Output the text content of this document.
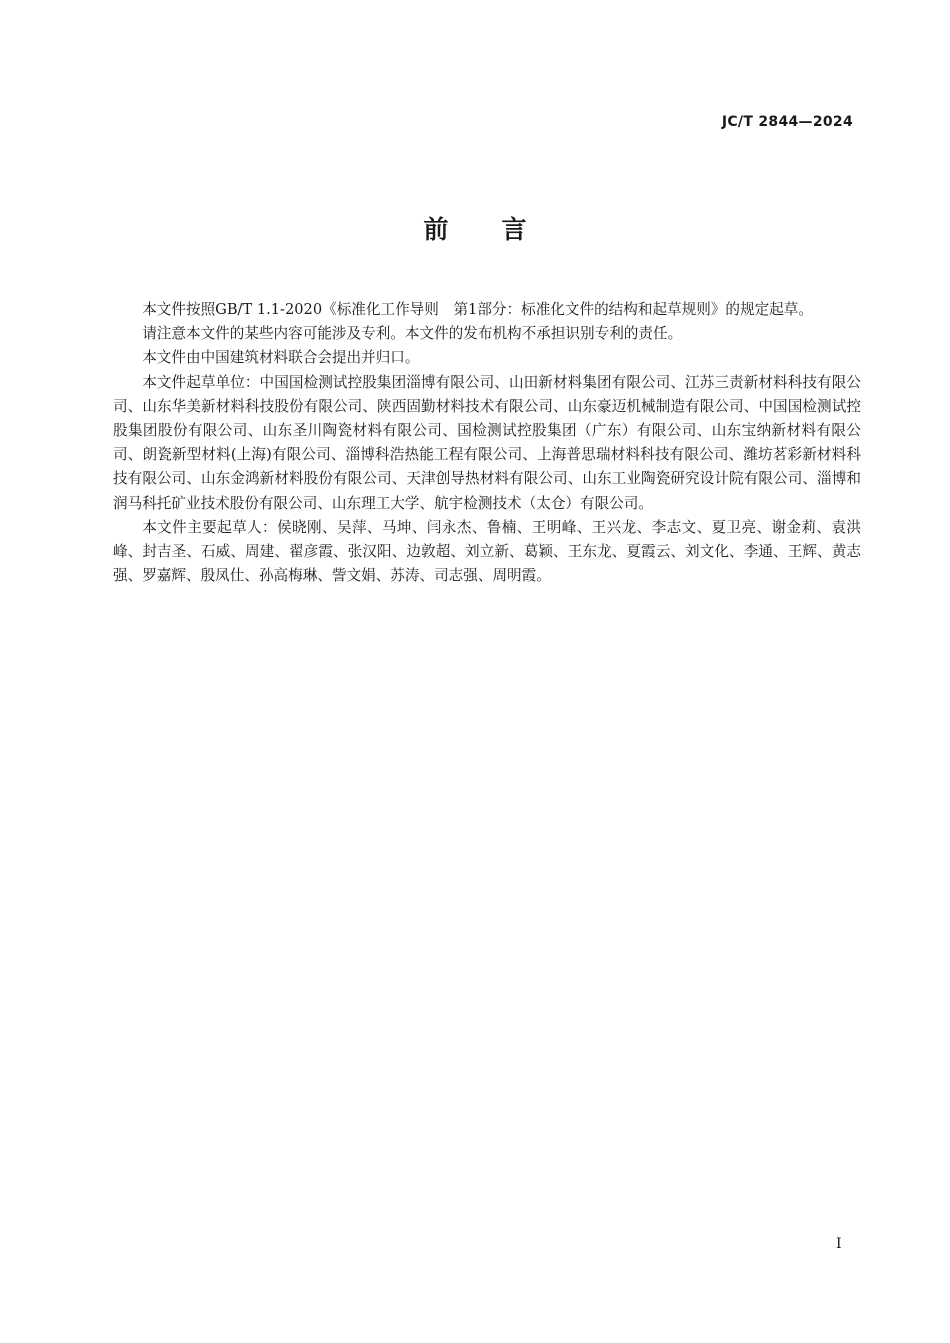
JC/T 2844—2024
前言

本文件按照GB/T 1.1-2020《标准化工作导则　第1部分：标准化文件的结构和起草规则》的规定起草。

请注意本文件的某些内容可能涉及专利。本文件的发布机构不承担识别专利的责任。

本文件由中国建筑材料联合会提出并归口。

本文件起草单位：中国国检测试控股集团淄博有限公司、山田新材料集团有限公司、江苏三责新材料科技有限公司、山东华美新材料科技股份有限公司、陕西固勤材料技术有限公司、山东豪迈机械制造有限公司、中国国检测试控股集团股份有限公司、山东圣川陶瓷材料有限公司、国检测试控股集团（广东）有限公司、山东宝纳新材料有限公司、朗瓷新型材料(上海)有限公司、淄博科浩热能工程有限公司、上海普思瑞材料科技有限公司、潍坊茗彩新材料科技有限公司、山东金鸿新材料股份有限公司、天津创导热材料有限公司、山东工业陶瓷研究设计院有限公司、淄博和润马科托矿业技术股份有限公司、山东理工大学、航宇检测技术（太仓）有限公司。

本文件主要起草人：侯晓刚、吴萍、马坤、闫永杰、鲁楠、王明峰、王兴龙、李志文、夏卫亮、谢金莉、袁洪峰、封吉圣、石威、周建、翟彦霞、张汉阳、边敦超、刘立新、葛颖、王东龙、夏霞云、刘文化、李通、王辉、黄志强、罗嘉辉、殷凤仕、孙高梅琳、訾文娟、苏涛、司志强、周明霞。

I
